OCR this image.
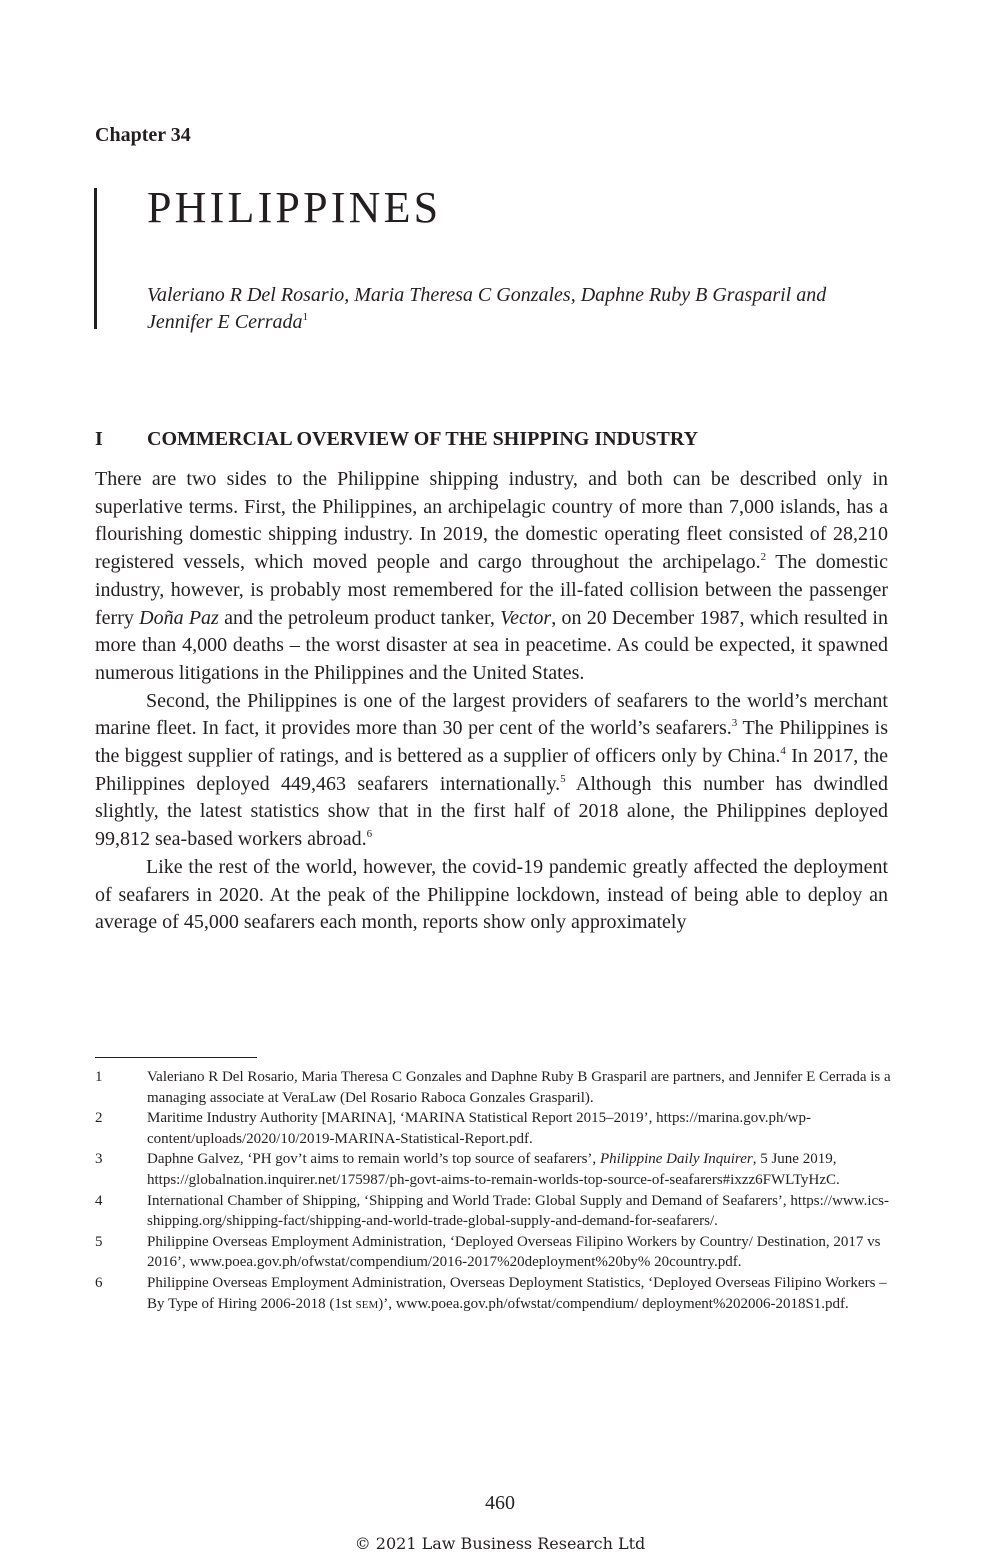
Chapter 34
PHILIPPINES
Valeriano R Del Rosario, Maria Theresa C Gonzales, Daphne Ruby B Grasparil and
Jennifer E Cerrada$^1$
I COMMERCIAL OVERVIEW OF THE SHIPPING INDUSTRY

There are two sides to the Philippine shipping industry, and both can be described only in superlative terms. First, the Philippines, an archipelagic country of more than 7,000 islands, has a flourishing domestic shipping industry. In 2019, the domestic operating fleet consisted of 28,210 registered vessels, which moved people and cargo throughout the archipelago.$^2$ The domestic industry, however, is probably most remembered for the ill-fated collision between the passenger ferry Doña Paz and the petroleum product tanker, Vector, on 20 December 1987, which resulted in more than 4,000 deaths – the worst disaster at sea in peacetime. As could be expected, it spawned numerous litigations in the Philippines and the United States.

Second, the Philippines is one of the largest providers of seafarers to the world’s merchant marine fleet. In fact, it provides more than 30 per cent of the world’s seafarers.$^3$ The Philippines is the biggest supplier of ratings, and is bettered as a supplier of officers only by China.$^4$ In 2017, the Philippines deployed 449,463 seafarers internationally.$^5$ Although this number has dwindled slightly, the latest statistics show that in the first half of 2018 alone, the Philippines deployed 99,812 sea-based workers abroad.$^6$

Like the rest of the world, however, the covid-19 pandemic greatly affected the deployment of seafarers in 2020. At the peak of the Philippine lockdown, instead of being able to deploy an average of 45,000 seafarers each month, reports show only approximately

1	Valeriano R Del Rosario, Maria Theresa C Gonzales and Daphne Ruby B Grasparil are partners, and Jennifer E Cerrada is a managing associate at VeraLaw (Del Rosario Raboca Gonzales Grasparil).
2	Maritime Industry Authority [MARINA], ‘MARINA Statistical Report 2015–2019’, https://marina.gov.ph/wp-content/uploads/2020/10/2019-MARINA-Statistical-Report.pdf.
3	Daphne Galvez, ‘PH gov’t aims to remain world’s top source of seafarers’, Philippine Daily Inquirer, 5 June 2019, https://globalnation.inquirer.net/175987/ph-govt-aims-to-remain-worlds-top-source-of-seafarers#ixzz6FWLTyHzC.
4	International Chamber of Shipping, ‘Shipping and World Trade: Global Supply and Demand of Seafarers’, https://www.ics-shipping.org/shipping-fact/shipping-and-world-trade-global-supply-and-demand-for-seafarers/.
5	Philippine Overseas Employment Administration, ‘Deployed Overseas Filipino Workers by Country/ Destination, 2017 vs 2016’, www.poea.gov.ph/ofwstat/compendium/2016-2017%20deployment%20by% 20country.pdf.
6	Philippine Overseas Employment Administration, Overseas Deployment Statistics, ‘Deployed Overseas Filipino Workers – By Type of Hiring 2006-2018 (1st sem)’, www.poea.gov.ph/ofwstat/compendium/ deployment%202006-2018S1.pdf.
460
© 2021 Law Business Research Ltd
